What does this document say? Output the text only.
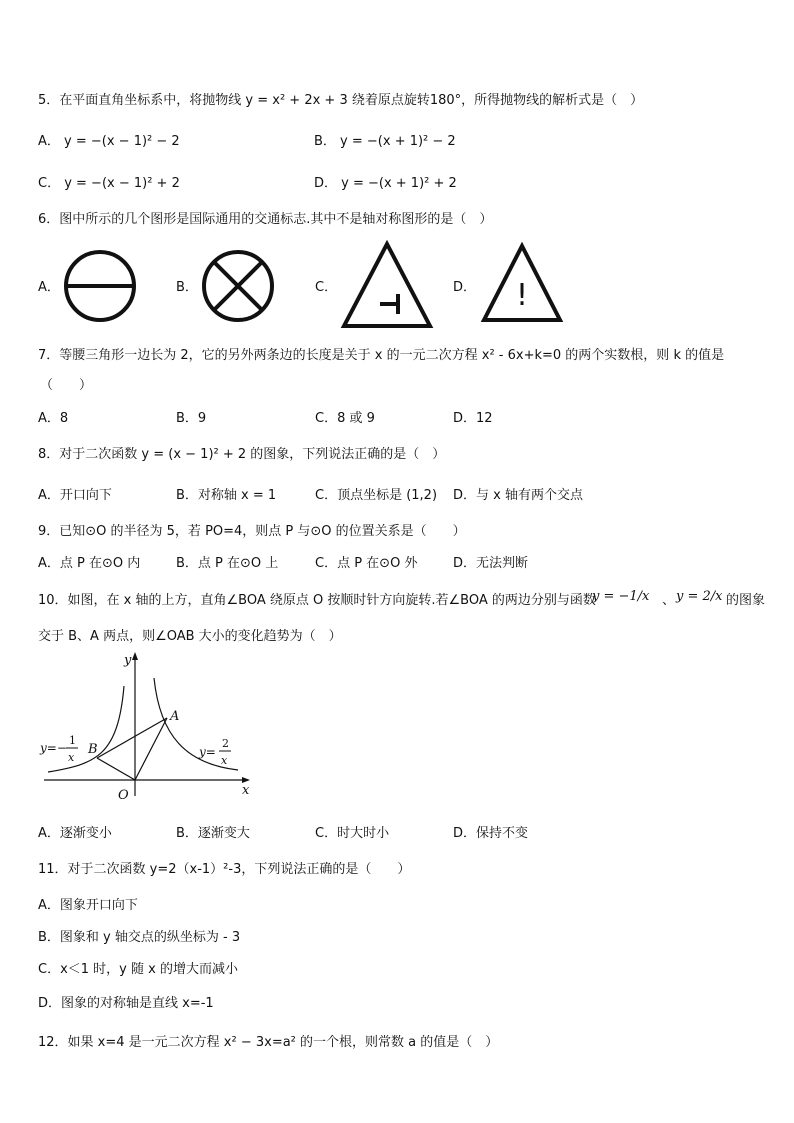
5．在平面直角坐标系中，将抛物线 y = x² + 2x + 3 绕着原点旋转180°，所得抛物线的解析式是（　）
A． y = −(x − 1)² − 2	B． y = −(x + 1)² − 2
C． y = −(x − 1)² + 2	D． y = −(x + 1)² + 2
6．图中所示的几个图形是国际通用的交通标志.其中不是轴对称图形的是（　）
A．	B．	C．	D． !
7．等腰三角形一边长为 2，它的另外两条边的长度是关于 x 的一元二次方程 x² - 6x+k=0 的两个实数根，则 k 的值是
（　　）
A．8	B．9	C．8 或 9	D．12
8．对于二次函数 y = (x − 1)² + 2 的图象，下列说法正确的是（　）
A．开口向下	B．对称轴 x = 1	C．顶点坐标是 (1,2) D．与 x 轴有两个交点
9．已知⊙O 的半径为 5，若 PO=4，则点 P 与⊙O 的位置关系是（　　）
A．点 P 在⊙O 内	B．点 P 在⊙O 上	C．点 P 在⊙O 外	D．无法判断
10．如图，在 x 轴的上方，直角∠BOA 绕原点 O 按顺时针方向旋转.若∠BOA 的两边分别与函数
y = −1/x 、 y = 2/x 的图象
交于 B、A 两点，则∠OAB 大小的变化趋势为（　）
y
x
O
A
B
y=−
1
x	y=
2
x
A．逐渐变小	B．逐渐变大	C．时大时小	D．保持不变
11．对于二次函数 y=2（x-1）²-3，下列说法正确的是（　　）
A．图象开口向下
B．图象和 y 轴交点的纵坐标为 - 3
C．x＜1 时，y 随 x 的增大而减小
D．图象的对称轴是直线 x=-1
12．如果 x=4 是一元二次方程 x² − 3x=a² 的一个根，则常数 a 的值是（　）
